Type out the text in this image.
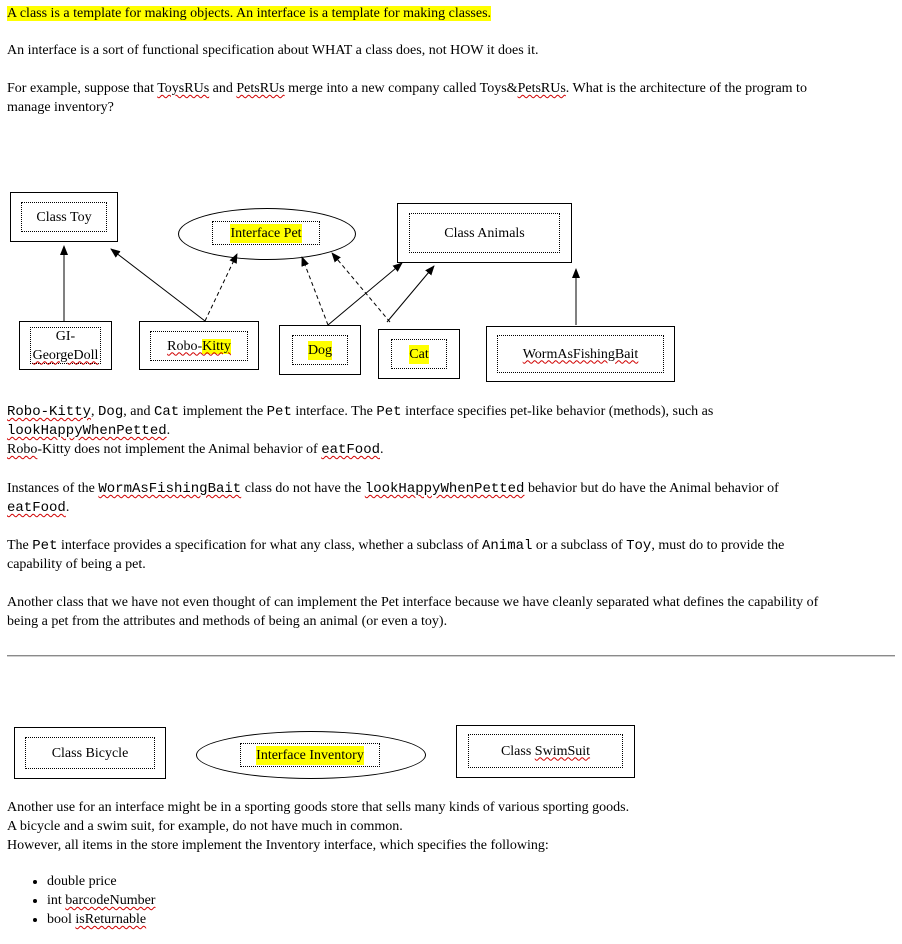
A class is a template for making objects. An interface is a template for making classes.
An interface is a sort of functional specification about WHAT a class does, not HOW it does it.
For example, suppose that ToysRUs and PetsRUs merge into a new company called Toys&PetsRUs. What is the architecture of the program to
manage inventory?
Class Toy
Interface Pet	Class Animals
GI-
GeorgeDoll
Robo-Kitty	Dog	Cat	WormAsFishingBait
Robo-Kitty, Dog, and Cat implement the Pet interface. The Pet interface specifies pet-like behavior (methods), such as
lookHappyWhenPetted.
Robo-Kitty does not implement the Animal behavior of eatFood.
Instances of the WormAsFishingBait class do not have the lookHappyWhenPetted behavior but do have the Animal behavior of
eatFood.
The Pet interface provides a specification for what any class, whether a subclass of Animal or a subclass of Toy, must do to provide the
capability of being a pet.
Another class that we have not even thought of can implement the Pet interface because we have cleanly separated what defines the capability of
being a pet from the attributes and methods of being an animal (or even a toy).
Class Bicycle	Interface Inventory	Class SwimSuit
Another use for an interface might be in a sporting goods store that sells many kinds of various sporting goods.
A bicycle and a swim suit, for example, do not have much in common.
However, all items in the store implement the Inventory interface, which specifies the following:
• double price
• int barcodeNumber
• bool isReturnable
